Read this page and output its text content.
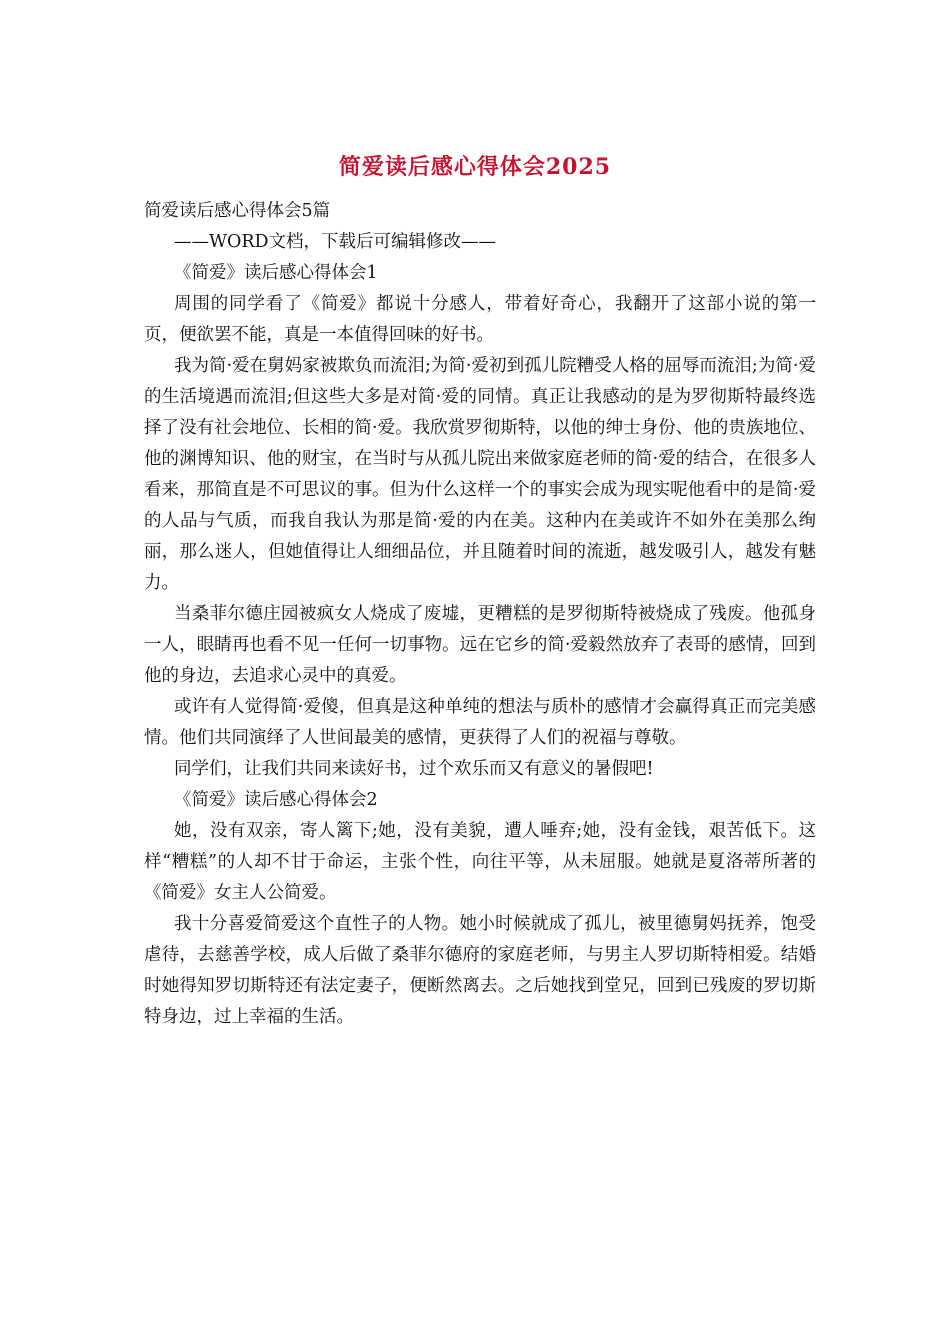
简爱读后感心得体会2025

简爱读后感心得体会5篇

——WORD文档，下载后可编辑修改——

《简爱》读后感心得体会1

周围的同学看了《简爱》都说十分感人，带着好奇心，我翻开了这部小说的第一页，便欲罢不能，真是一本值得回味的好书。

我为简·爱在舅妈家被欺负而流泪;为简·爱初到孤儿院糟受人格的屈辱而流泪;为简·爱的生活境遇而流泪;但这些大多是对简·爱的同情。真正让我感动的是为罗彻斯特最终选择了没有社会地位、长相的简·爱。我欣赏罗彻斯特，以他的绅士身份、他的贵族地位、他的渊博知识、他的财宝，在当时与从孤儿院出来做家庭老师的简·爱的结合，在很多人看来，那简直是不可思议的事。但为什么这样一个的事实会成为现实呢他看中的是简·爱的人品与气质，而我自我认为那是简·爱的内在美。这种内在美或许不如外在美那么绚丽，那么迷人，但她值得让人细细品位，并且随着时间的流逝，越发吸引人，越发有魅力。

当桑菲尔德庄园被疯女人烧成了废墟，更糟糕的是罗彻斯特被烧成了残废。他孤身一人，眼睛再也看不见一任何一切事物。远在它乡的简·爱毅然放弃了表哥的感情，回到他的身边，去追求心灵中的真爱。

或许有人觉得简·爱傻，但真是这种单纯的想法与质朴的感情才会赢得真正而完美感情。他们共同演绎了人世间最美的感情，更获得了人们的祝福与尊敬。

同学们，让我们共同来读好书，过个欢乐而又有意义的暑假吧!

《简爱》读后感心得体会2

她，没有双亲，寄人篱下;她，没有美貌，遭人唾弃;她，没有金钱，艰苦低下。这样“糟糕”的人却不甘于命运，主张个性，向往平等，从未屈服。她就是夏洛蒂所著的《简爱》女主人公简爱。

我十分喜爱简爱这个直性子的人物。她小时候就成了孤儿，被里德舅妈抚养，饱受虐待，去慈善学校，成人后做了桑菲尔德府的家庭老师，与男主人罗切斯特相爱。结婚时她得知罗切斯特还有法定妻子，便断然离去。之后她找到堂兄，回到已残废的罗切斯特身边，过上幸福的生活。
